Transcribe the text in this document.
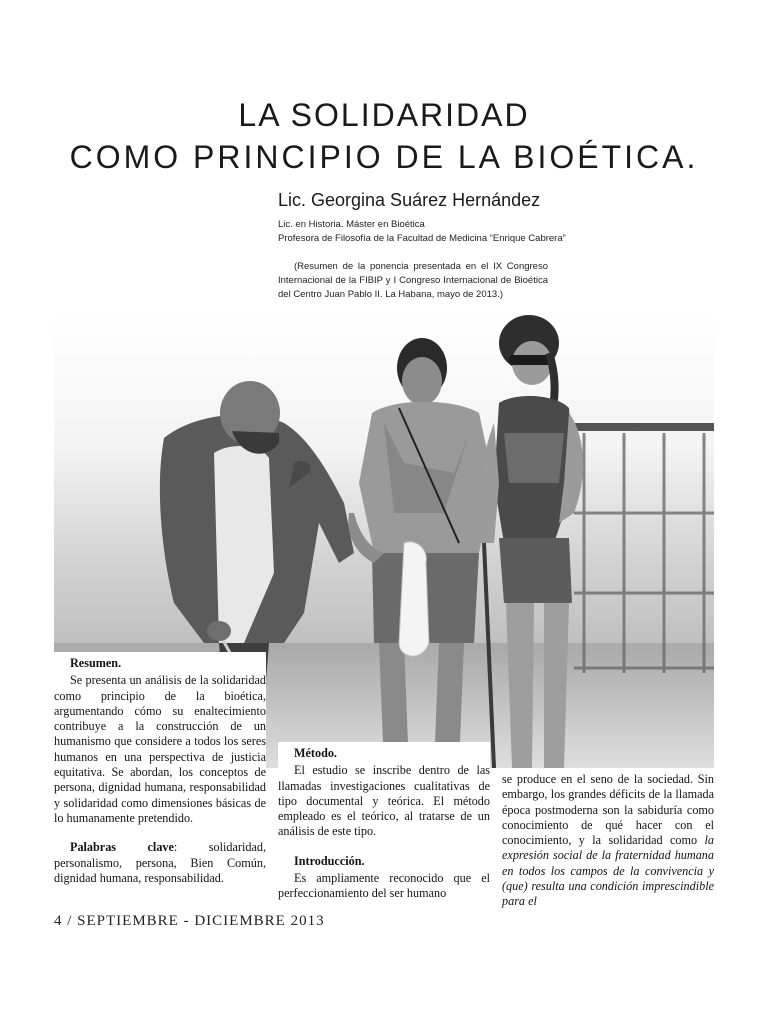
LA SOLIDARIDAD
COMO PRINCIPIO DE LA BIOÉTICA.
Lic. Georgina Suárez Hernández
Lic. en Historia. Máster en Bioética
Profesora de Filosofía de la Facultad de Medicina “Enrique Cabrera”
(Resumen de la ponencia presentada en el IX Congreso Internacional de la FIBIP y I Congreso Internacional de Bioética del Centro Juan Pablo II. La Habana, mayo de 2013.)

Resumen.

Se presenta un análisis de la solidaridad como principio de la bioética, argumentando cómo su enaltecimiento contribuye a la construcción de un humanismo que considere a todos los seres humanos en una perspectiva de justicia equitativa. Se abordan, los conceptos de persona, dignidad humana, responsabilidad y solidaridad como dimensiones básicas de lo humanamente pretendido.

Palabras clave: solidaridad, personalismo, persona, Bien Común, dignidad humana, responsabilidad.

Método.

El estudio se inscribe dentro de las llamadas investigaciones cualitativas de tipo documental y teórica. El método empleado es el teórico, al tratarse de un análisis de este tipo.

Introducción.

Es ampliamente reconocido que el perfeccionamiento del ser humano

se produce en el seno de la sociedad. Sin embargo, los grandes déficits de la llamada época postmoderna son la sabiduría como conocimiento de qué hacer con el conocimiento, y la solidaridad como la expresión social de la fraternidad humana en todos los campos de la convivencia y (que) resulta una condición imprescindible para el

4 / SEPTIEMBRE - DICIEMBRE 2013
